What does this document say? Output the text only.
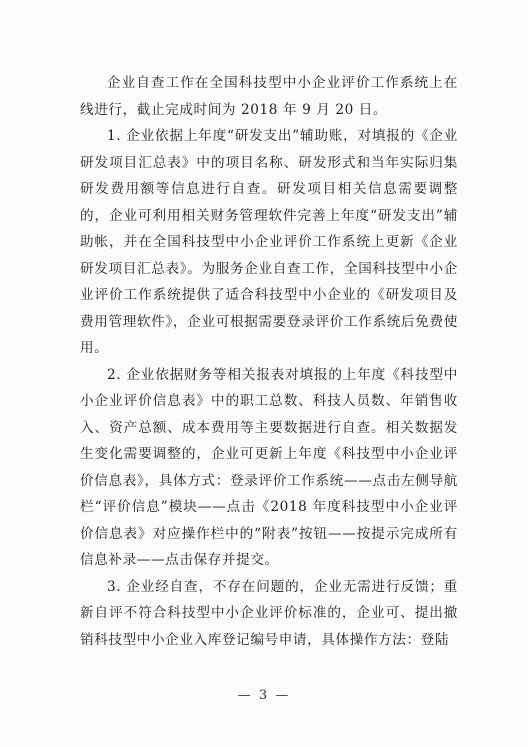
企业自查工作在全国科技型中小企业评价工作系统上在线进行，截止完成时间为 2018 年 9 月 20 日。

1. 企业依据上年度“研发支出”辅助账，对填报的《企业研发项目汇总表》中的项目名称、研发形式和当年实际归集研发费用额等信息进行自查。研发项目相关信息需要调整的，企业可利用相关财务管理软件完善上年度“研发支出”辅助帐，并在全国科技型中小企业评价工作系统上更新《企业研发项目汇总表》。为服务企业自查工作，全国科技型中小企业评价工作系统提供了适合科技型中小企业的《研发项目及费用管理软件》，企业可根据需要登录评价工作系统后免费使用。

2. 企业依据财务等相关报表对填报的上年度《科技型中小企业评价信息表》中的职工总数、科技人员数、年销售收入、资产总额、成本费用等主要数据进行自查。相关数据发生变化需要调整的，企业可更新上年度《科技型中小企业评价信息表》，具体方式：登录评价工作系统——点击左侧导航栏“评价信息”模块——点击《2018 年度科技型中小企业评价信息表》对应操作栏中的“附表”按钮——按提示完成所有信息补录——点击保存并提交。

3. 企业经自查，不存在问题的，企业无需进行反馈；重新自评不符合科技型中小企业评价标准的，企业可、提出撤销科技型中小企业入库登记编号申请，具体操作方法：登陆

— 3 —
